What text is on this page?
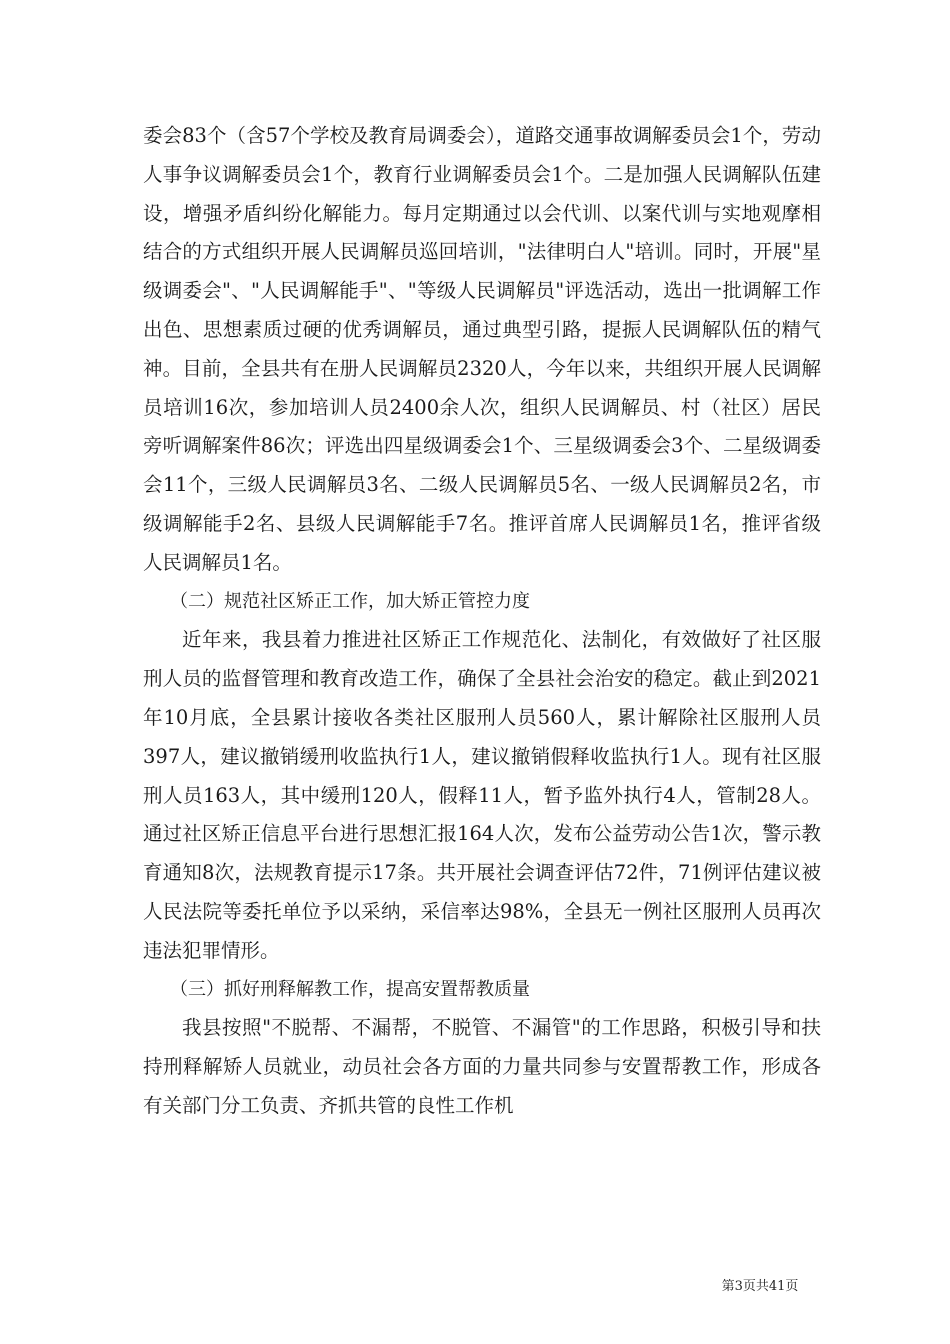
委会83个（含57个学校及教育局调委会），道路交通事故调解委员会1个，劳动人事争议调解委员会1个，教育行业调解委员会1个。二是加强人民调解队伍建设，增强矛盾纠纷化解能力。每月定期通过以会代训、以案代训与实地观摩相结合的方式组织开展人民调解员巡回培训，"法律明白人"培训。同时，开展"星级调委会"、"人民调解能手"、"等级人民调解员"评选活动，选出一批调解工作出色、思想素质过硬的优秀调解员，通过典型引路，提振人民调解队伍的精气神。目前，全县共有在册人民调解员2320人，今年以来，共组织开展人民调解员培训16次，参加培训人员2400余人次，组织人民调解员、村（社区）居民旁听调解案件86次；评选出四星级调委会1个、三星级调委会3个、二星级调委会11个，三级人民调解员3名、二级人民调解员5名、一级人民调解员2名，市级调解能手2名、县级人民调解能手7名。推评首席人民调解员1名，推评省级人民调解员1名。

（二）规范社区矫正工作，加大矫正管控力度

近年来，我县着力推进社区矫正工作规范化、法制化，有效做好了社区服刑人员的监督管理和教育改造工作，确保了全县社会治安的稳定。截止到2021年10月底，全县累计接收各类社区服刑人员560人，累计解除社区服刑人员397人，建议撤销缓刑收监执行1人，建议撤销假释收监执行1人。现有社区服刑人员163人，其中缓刑120人，假释11人，暂予监外执行4人，管制28人。通过社区矫正信息平台进行思想汇报164人次，发布公益劳动公告1次，警示教育通知8次，法规教育提示17条。共开展社会调查评估72件，71例评估建议被人民法院等委托单位予以采纳，采信率达98%，全县无一例社区服刑人员再次违法犯罪情形。

（三）抓好刑释解教工作，提高安置帮教质量

我县按照"不脱帮、不漏帮，不脱管、不漏管"的工作思路，积极引导和扶持刑释解矫人员就业，动员社会各方面的力量共同参与安置帮教工作，形成各有关部门分工负责、齐抓共管的良性工作机

第3页共41页
